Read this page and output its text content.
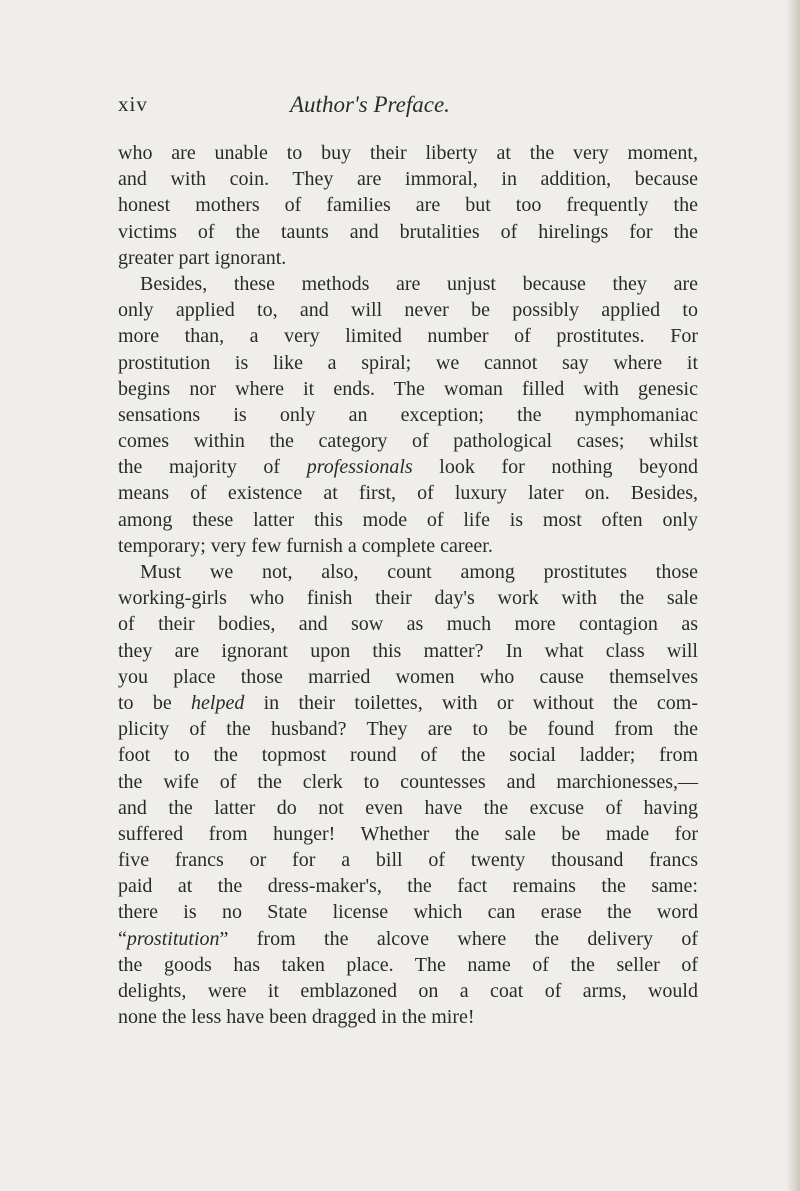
xiv	Author's Preface.
who are unable to buy their liberty at the very moment,
and with coin. They are immoral, in addition, because
honest mothers of families are but too frequently the
victims of the taunts and brutalities of hirelings for the
greater part ignorant.
Besides, these methods are unjust because they are
only applied to, and will never be possibly applied to
more than, a very limited number of prostitutes. For
prostitution is like a spiral; we cannot say where it
begins nor where it ends. The woman filled with genesic
sensations is only an exception; the nymphomaniac
comes within the category of pathological cases; whilst
the majority of professionals look for nothing beyond
means of existence at first, of luxury later on. Besides,
among these latter this mode of life is most often only
temporary; very few furnish a complete career.
Must we not, also, count among prostitutes those
working-girls who finish their day's work with the sale
of their bodies, and sow as much more contagion as
they are ignorant upon this matter? In what class will
you place those married women who cause themselves
to be helped in their toilettes, with or without the com-
plicity of the husband? They are to be found from the
foot to the topmost round of the social ladder; from
the wife of the clerk to countesses and marchionesses,—
and the latter do not even have the excuse of having
suffered from hunger! Whether the sale be made for
five francs or for a bill of twenty thousand francs
paid at the dress-maker's, the fact remains the same:
there is no State license which can erase the word
“prostitution” from the alcove where the delivery of
the goods has taken place. The name of the seller of
delights, were it emblazoned on a coat of arms, would
none the less have been dragged in the mire!
